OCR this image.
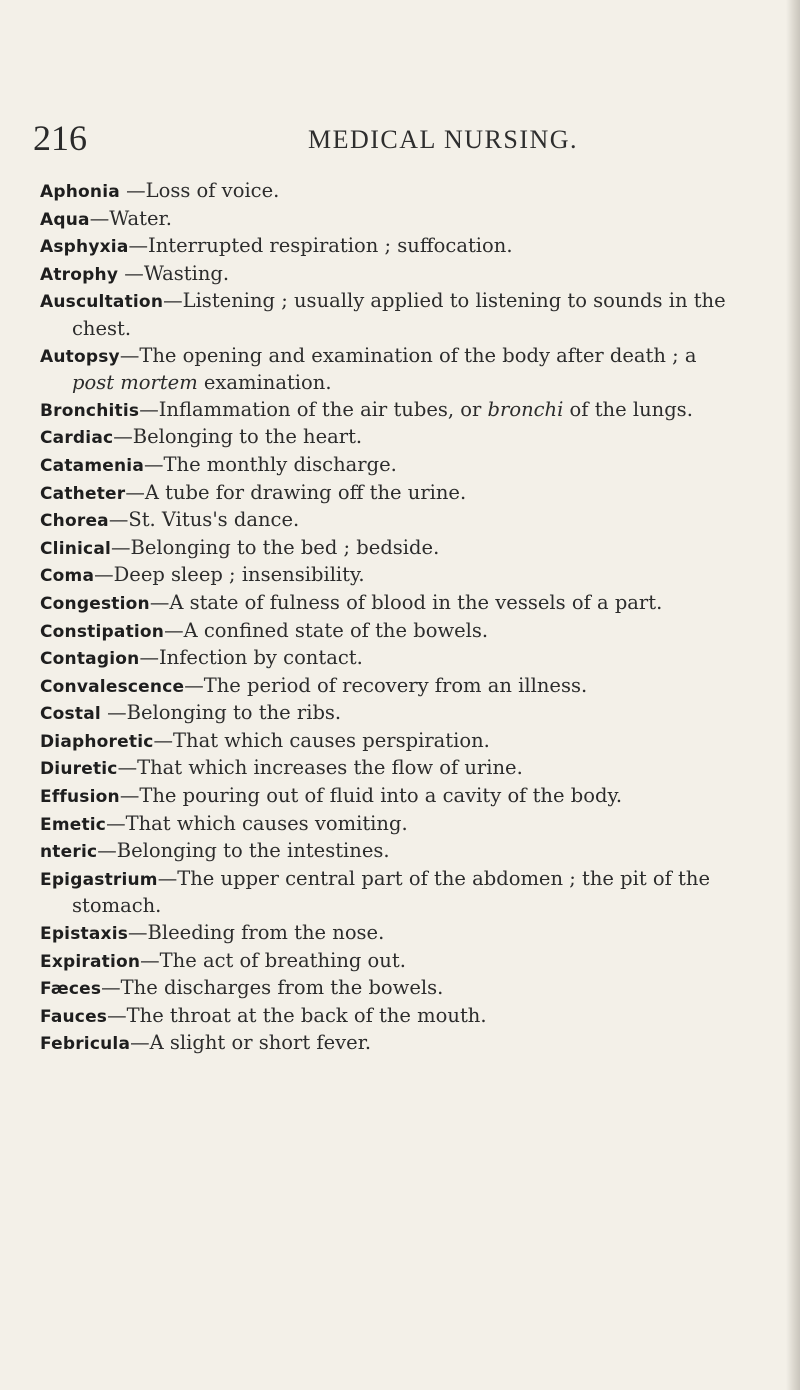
216	MEDICAL NURSING.
Aphonia —Loss of voice.
Aqua—Water.
Asphyxia—Interrupted respiration ; suffocation.
Atrophy —Wasting.
Auscultation—Listening ; usually applied to listening to sounds in the chest.
Autopsy—The opening and examination of the body after death ; a post mortem examination.
Bronchitis—Inflammation of the air tubes, or bronchi of the lungs.
Cardiac—Belonging to the heart.
Catamenia—The monthly discharge.
Catheter—A tube for drawing off the urine.
Chorea—St. Vitus's dance.
Clinical—Belonging to the bed ; bedside.
Coma—Deep sleep ; insensibility.
Congestion—A state of fulness of blood in the vessels of a part.
Constipation—A confined state of the bowels.
Contagion—Infection by contact.
Convalescence—The period of recovery from an illness.
Costal —Belonging to the ribs.
Diaphoretic—That which causes perspiration.
Diuretic—That which increases the flow of urine.
Effusion—The pouring out of fluid into a cavity of the body.
Emetic—That which causes vomiting.
nteric—Belonging to the intestines.
Epigastrium—The upper central part of the abdomen ; the pit of the stomach.
Epistaxis—Bleeding from the nose.
Expiration—The act of breathing out.
Fæces—The discharges from the bowels.
Fauces—The throat at the back of the mouth.
Febricula—A slight or short fever.
